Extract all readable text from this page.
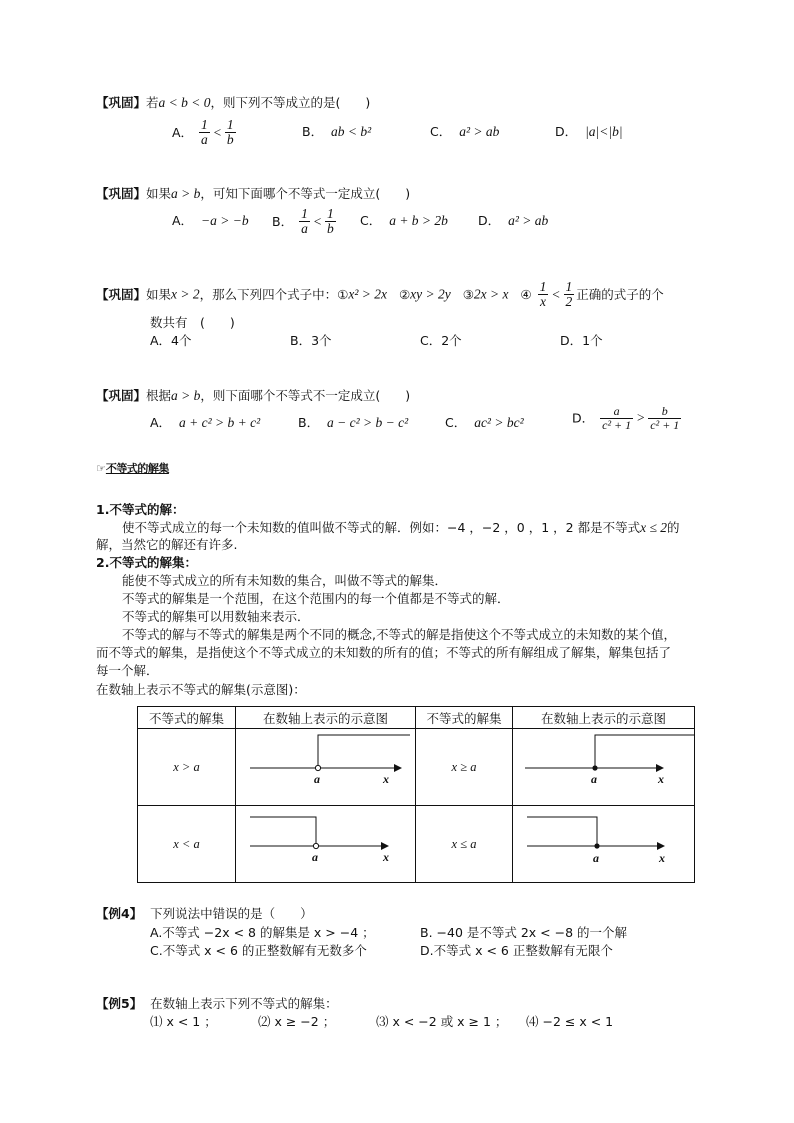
【巩固】若a < b < 0，则下列不等成立的是(　　)
A． $\frac{1}{a} < \frac{1}{b}$	B． ab < b²	C． a² > ab	D． |a|<|b|
【巩固】如果a > b，可知下面哪个不等式一定成立(　　)
A． −a > −b B． $\frac{1}{a} < \frac{1}{b}$ C． a + b > 2b D． a² > ab
【巩固】如果x > 2，那么下列四个式子中：①x² > 2x ②xy > 2y ③2x > x ④ $\frac{1}{x} < \frac{1}{2}$ 正确的式子的个
数共有　(　　)
A．4个	B．3个	C．2个	D．1个
【巩固】根据a > b，则下面哪个不等式不一定成立(　　)
A． a + c² > b + c²	B． a − c² > b − c²	C． ac² > bc²	D． $\frac{a}{\text{c² + 1}} > \frac{b}{\text{c² + 1}}$
☞不等式的解集
1.不等式的解：
使不等式成立的每一个未知数的值叫做不等式的解．例如：−4 ，−2 ，0 ，1 ，2 都是不等式x ≤ 2的
解，当然它的解还有许多.
2.不等式的解集：
能使不等式成立的所有未知数的集合，叫做不等式的解集．
不等式的解集是一个范围，在这个范围内的每一个值都是不等式的解．
不等式的解集可以用数轴来表示．
不等式的解与不等式的解集是两个不同的概念,不等式的解是指使这个不等式成立的未知数的某个值，
而不等式的解集，是指使这个不等式成立的未知数的所有的值；不等式的所有解组成了解集，解集包括了
每一个解．
在数轴上表示不等式的解集(示意图)：
不等式的解集	在数轴上表示的示意图	不等式的解集	在数轴上表示的示意图
x > a	a x	x ≥ a	a x

x < a	a x	x ≤ a	a x
【例4】 下列说法中错误的是（　　）
A.不等式 −2x < 8 的解集是 x > −4 ；	B. −40 是不等式 2x < −8 的一个解
C.不等式 x < 6 的正整数解有无数多个	D.不等式 x < 6 正整数解有无限个
【例5】 在数轴上表示下列不等式的解集：
⑴ x < 1 ；	⑵ x ≥ −2 ；	⑶ x < −2 或 x ≥ 1 ； ⑷ −2 ≤ x < 1
